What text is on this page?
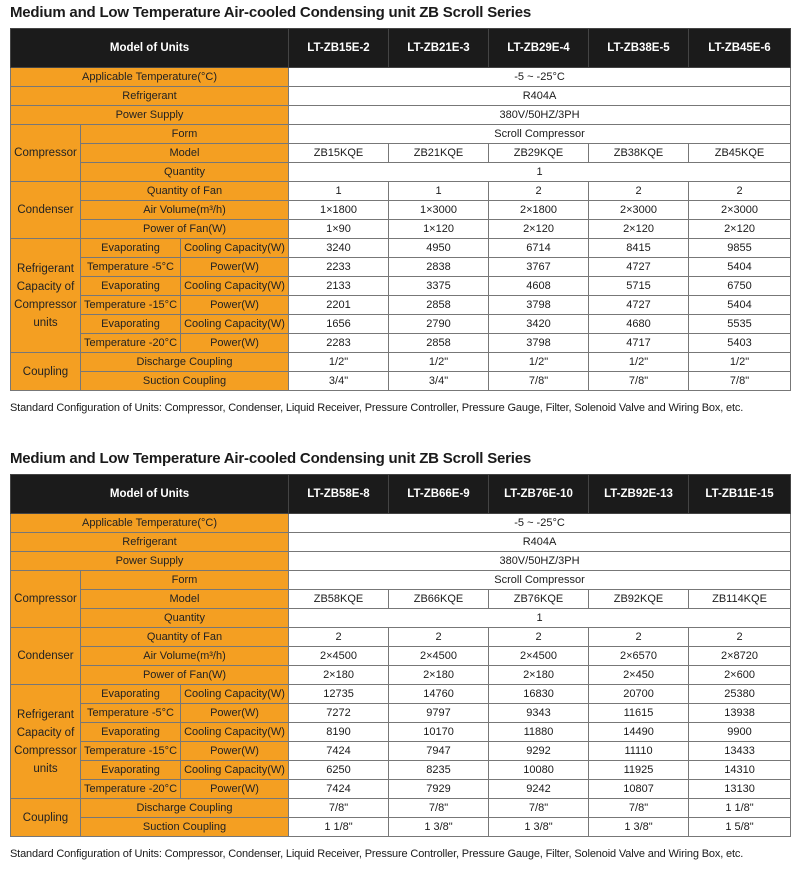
Medium and Low Temperature Air-cooled Condensing unit ZB Scroll Series
Model of Units			LT-ZB15E-2	LT-ZB21E-3	LT-ZB29E-4	LT-ZB38E-5	LT-ZB45E-6
Applicable Temperature(°C)			-5 ~ -25°C				
Refrigerant			R404A				
Power Supply			380V/50HZ/3PH				
Compressor	Form		Scroll Compressor				
	Model		ZB15KQE	ZB21KQE	ZB29KQE	ZB38KQE	ZB45KQE
	Quantity		1				
Condenser	Quantity of Fan		1	1	2	2	2
	Air Volume(m³/h)		1×1800	1×3000	2×1800	2×3000	2×3000
	Power of Fan(W)		1×90	1×120	2×120	2×120	2×120
Refrigerant Capacity of Compressor units	Evaporating	Cooling Capacity(W)	3240	4950	6714	8415	9855
	Temperature -5°C	Power(W)	2233	2838	3767	4727	5404
	Evaporating	Cooling Capacity(W)	2133	3375	4608	5715	6750
	Temperature -15°C	Power(W)	2201	2858	3798	4727	5404
	Evaporating	Cooling Capacity(W)	1656	2790	3420	4680	5535
	Temperature -20°C	Power(W)	2283	2858	3798	4717	5403
Coupling	Discharge Coupling		1/2"	1/2"	1/2"	1/2"	1/2"
	Suction Coupling		3/4"	3/4"	7/8"	7/8"	7/8"
Standard Configuration of Units: Compressor, Condenser, Liquid Receiver, Pressure Controller, Pressure Gauge, Filter, Solenoid Valve and Wiring Box, etc.
Medium and Low Temperature Air-cooled Condensing unit ZB Scroll Series
Model of Units			LT-ZB58E-8	LT-ZB66E-9	LT-ZB76E-10	LT-ZB92E-13	LT-ZB11E-15
Applicable Temperature(°C)			-5 ~ -25°C				
Refrigerant			R404A				
Power Supply			380V/50HZ/3PH				
Compressor	Form		Scroll Compressor				
	Model		ZB58KQE	ZB66KQE	ZB76KQE	ZB92KQE	ZB114KQE
	Quantity		1				
Condenser	Quantity of Fan		2	2	2	2	2
	Air Volume(m³/h)		2×4500	2×4500	2×4500	2×6570	2×8720
	Power of Fan(W)		2×180	2×180	2×180	2×450	2×600
Refrigerant Capacity of Compressor units	Evaporating	Cooling Capacity(W)	12735	14760	16830	20700	25380
	Temperature -5°C	Power(W)	7272	9797	9343	11615	13938
	Evaporating	Cooling Capacity(W)	8190	10170	11880	14490	9900
	Temperature -15°C	Power(W)	7424	7947	9292	11110	13433
	Evaporating	Cooling Capacity(W)	6250	8235	10080	11925	14310
	Temperature -20°C	Power(W)	7424	7929	9242	10807	13130
Coupling	Discharge Coupling		7/8"	7/8"	7/8"	7/8"	1 1/8"
	Suction Coupling		1 1/8"	1 3/8"	1 3/8"	1 3/8"	1 5/8"
Standard Configuration of Units: Compressor, Condenser, Liquid Receiver, Pressure Controller, Pressure Gauge, Filter, Solenoid Valve and Wiring Box, etc.
